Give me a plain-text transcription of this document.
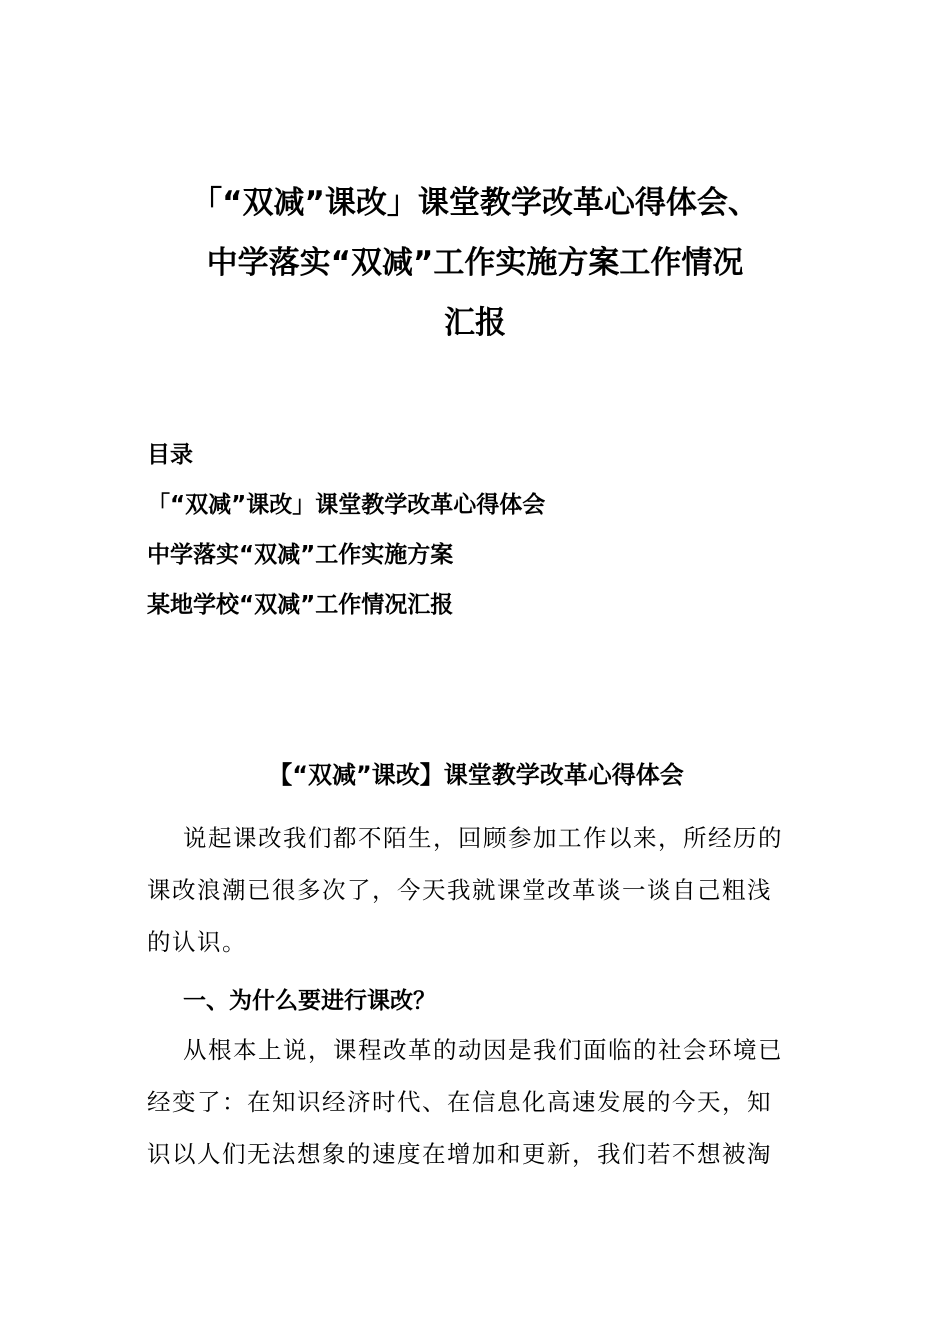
「“双减”课改」课堂教学改革心得体会、
中学落实“双减”工作实施方案工作情况
汇报
目录
「“双减”课改」课堂教学改革心得体会
中学落实“双减”工作实施方案
某地学校“双减”工作情况汇报
【“双减”课改】课堂教学改革心得体会

说起课改我们都不陌生，回顾参加工作以来，所经历的
课改浪潮已很多次了，今天我就课堂改革谈一谈自己粗浅
的认识。

一、为什么要进行课改？

从根本上说，课程改革的动因是我们面临的社会环境已
经变了：在知识经济时代、在信息化高速发展的今天，知
识以人们无法想象的速度在增加和更新，我们若不想被淘
